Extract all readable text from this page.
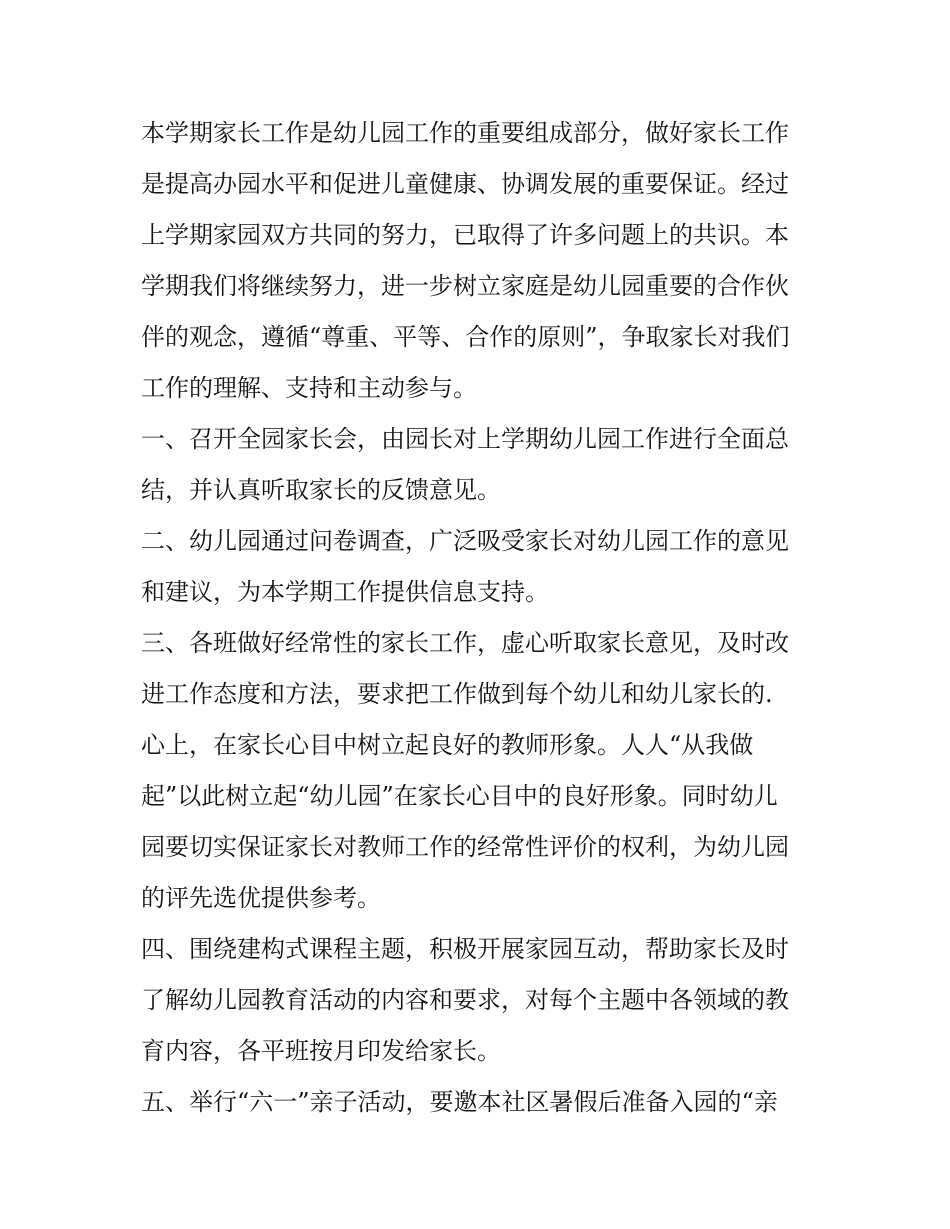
本学期家长工作是幼儿园工作的重要组成部分，做好家长工作
是提高办园水平和促进儿童健康、协调发展的重要保证。经过
上学期家园双方共同的努力，已取得了许多问题上的共识。本
学期我们将继续努力，进一步树立家庭是幼儿园重要的合作伙
伴的观念，遵循“尊重、平等、合作的原则”，争取家长对我们
工作的理解、支持和主动参与。
一、召开全园家长会，由园长对上学期幼儿园工作进行全面总
结，并认真听取家长的反馈意见。
二、幼儿园通过问卷调查，广泛吸受家长对幼儿园工作的意见
和建议，为本学期工作提供信息支持。
三、各班做好经常性的家长工作，虚心听取家长意见，及时改
进工作态度和方法，要求把工作做到每个幼儿和幼儿家长的.
心上，在家长心目中树立起良好的教师形象。人人“从我做
起”以此树立起“幼儿园”在家长心目中的良好形象。同时幼儿
园要切实保证家长对教师工作的经常性评价的权利，为幼儿园
的评先选优提供参考。
四、围绕建构式课程主题，积极开展家园互动，帮助家长及时
了解幼儿园教育活动的内容和要求，对每个主题中各领域的教
育内容，各平班按月印发给家长。
五、举行“六一”亲子活动，要邀本社区暑假后准备入园的“亲
